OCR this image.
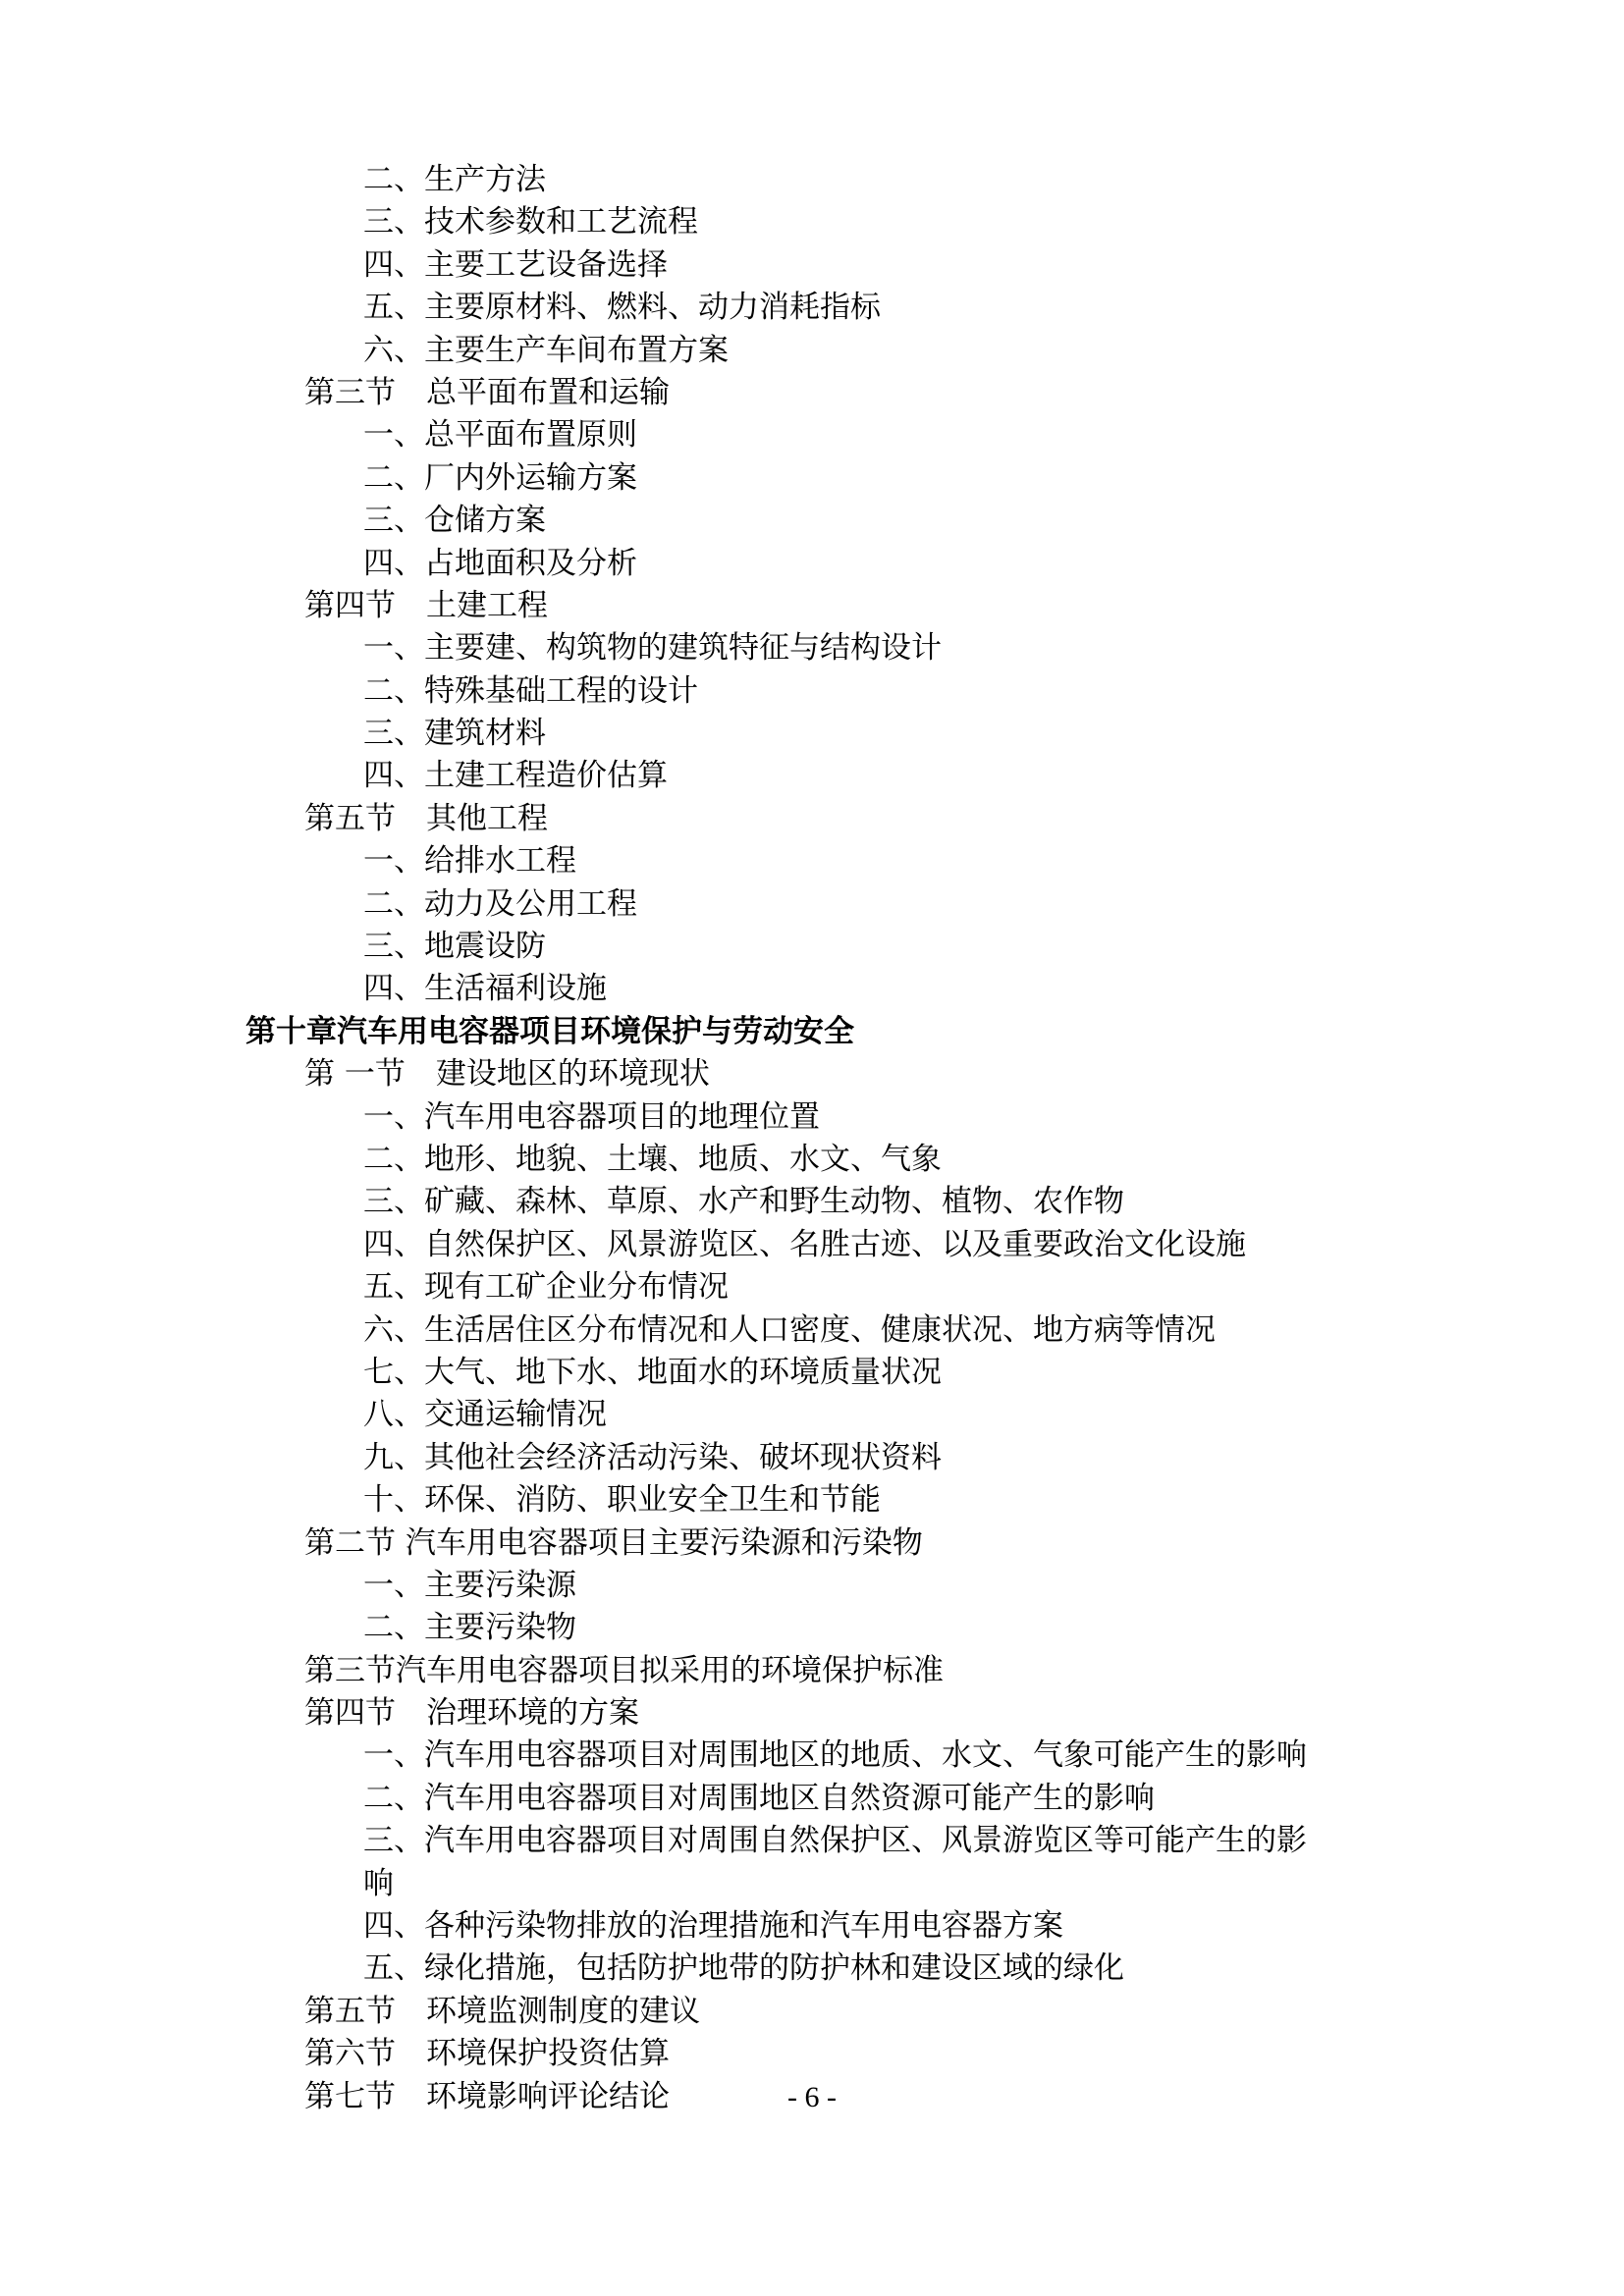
二、生产方法
三、技术参数和工艺流程
四、主要工艺设备选择
五、主要原材料、燃料、动力消耗指标
六、主要生产车间布置方案
第三节　总平面布置和运输
一、总平面布置原则
二、厂内外运输方案
三、仓储方案
四、占地面积及分析
第四节　土建工程
一、主要建、构筑物的建筑特征与结构设计
二、特殊基础工程的设计
三、建筑材料
四、土建工程造价估算
第五节　其他工程
一、给排水工程
二、动力及公用工程
三、地震设防
四、生活福利设施
第十章汽车用电容器项目环境保护与劳动安全
第 一节　建设地区的环境现状
一、汽车用电容器项目的地理位置
二、地形、地貌、土壤、地质、水文、气象
三、矿藏、森林、草原、水产和野生动物、植物、农作物
四、自然保护区、风景游览区、名胜古迹、以及重要政治文化设施
五、现有工矿企业分布情况
六、生活居住区分布情况和人口密度、健康状况、地方病等情况
七、大气、地下水、地面水的环境质量状况
八、交通运输情况
九、其他社会经济活动污染、破坏现状资料
十、环保、消防、职业安全卫生和节能
第二节 汽车用电容器项目主要污染源和污染物
一、主要污染源
二、主要污染物
第三节汽车用电容器项目拟采用的环境保护标准
第四节　治理环境的方案
一、汽车用电容器项目对周围地区的地质、水文、气象可能产生的影响
二、汽车用电容器项目对周围地区自然资源可能产生的影响
三、汽车用电容器项目对周围自然保护区、风景游览区等可能产生的影
响
四、各种污染物排放的治理措施和汽车用电容器方案
五、绿化措施，包括防护地带的防护林和建设区域的绿化
第五节　环境监测制度的建议
第六节　环境保护投资估算
第七节　环境影响评论结论	- 6 -
